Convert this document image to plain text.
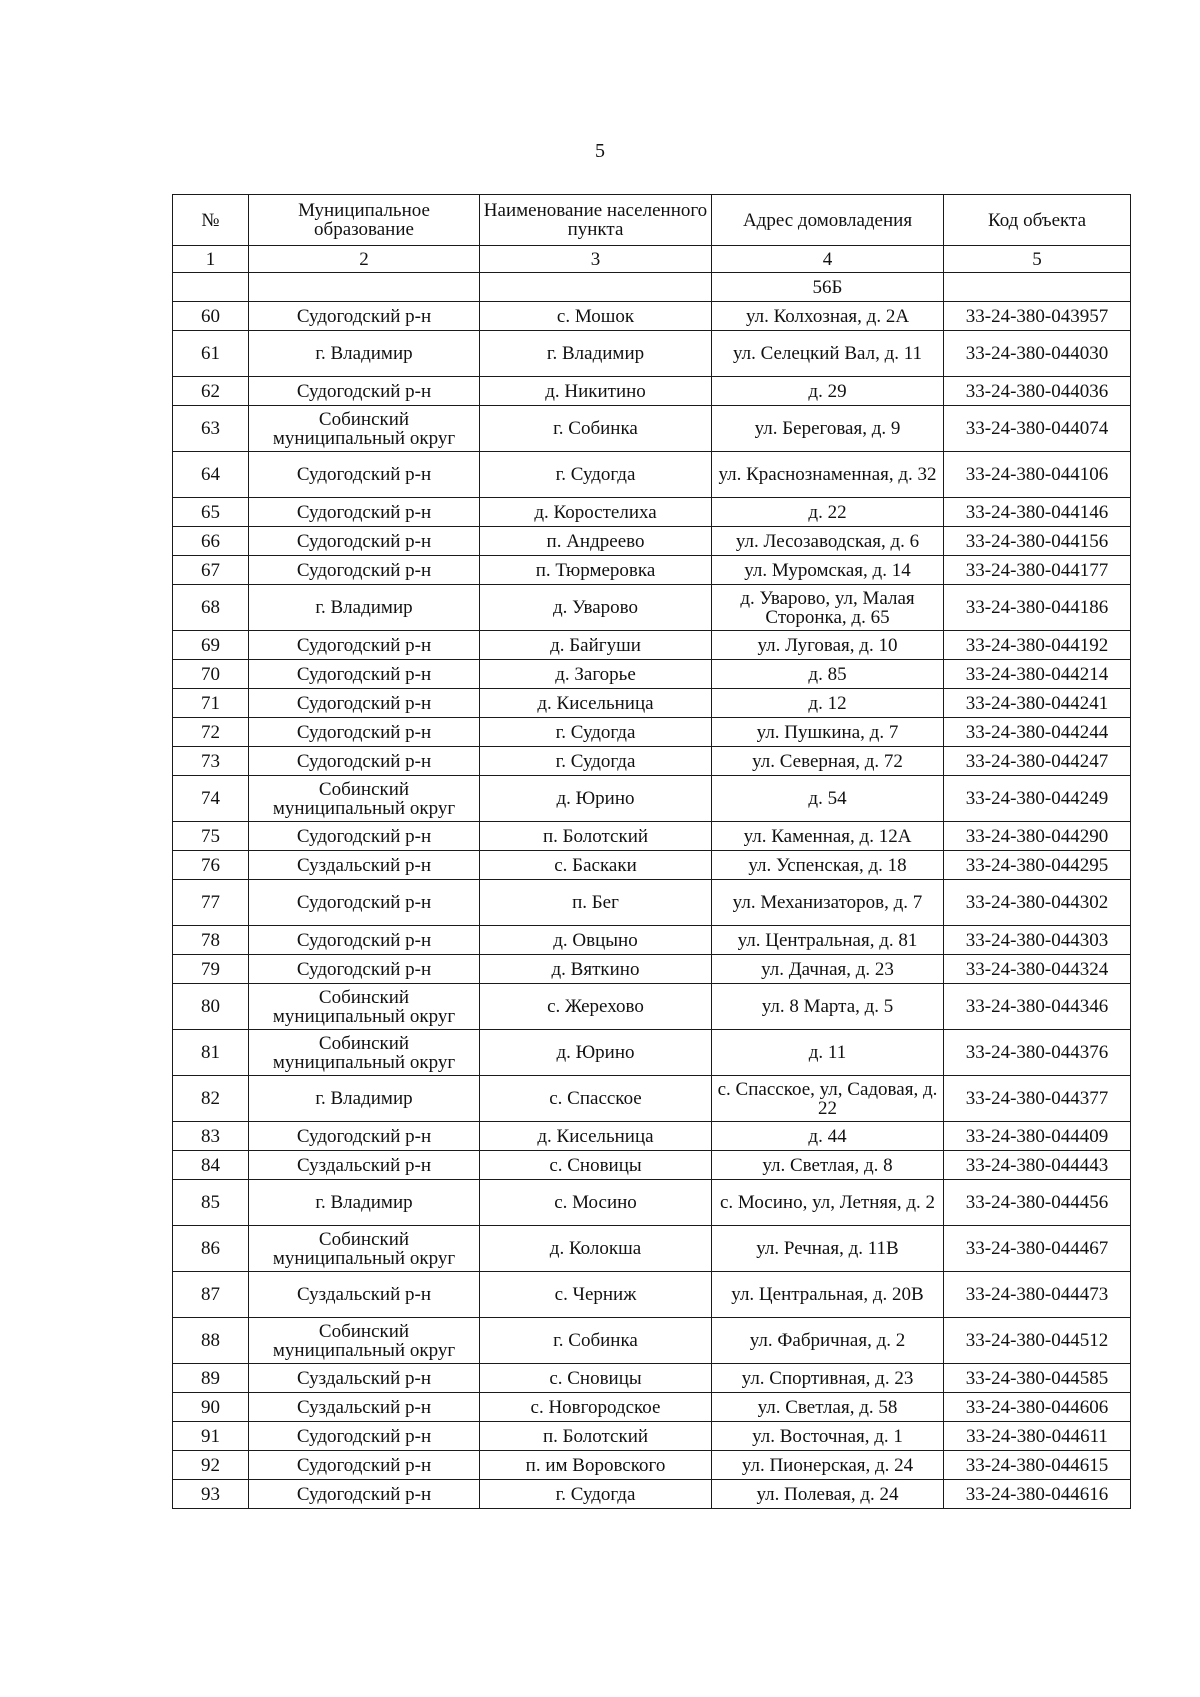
5
№	Муниципальное образование	Наименование населенного пункта	Адрес домовладения	Код объекта
1	2	3	4	5
			56Б	
60	Судогодский р-н	с. Мошок	ул. Колхозная, д. 2А	33-24-380-043957
61	г. Владимир	г. Владимир	ул. Селецкий Вал, д. 11	33-24-380-044030
62	Судогодский р-н	д. Никитино	д. 29	33-24-380-044036
63	Собинский муниципальный округ	г. Собинка	ул. Береговая, д. 9	33-24-380-044074
64	Судогодский р-н	г. Судогда	ул. Краснознаменная, д. 32	33-24-380-044106
65	Судогодский р-н	д. Коростелиха	д. 22	33-24-380-044146
66	Судогодский р-н	п. Андреево	ул. Лесозаводская, д. 6	33-24-380-044156
67	Судогодский р-н	п. Тюрмеровка	ул. Муромская, д. 14	33-24-380-044177
68	г. Владимир	д. Уварово	д. Уварово, ул, Малая Сторонка, д. 65	33-24-380-044186
69	Судогодский р-н	д. Байгуши	ул. Луговая, д. 10	33-24-380-044192
70	Судогодский р-н	д. Загорье	д. 85	33-24-380-044214
71	Судогодский р-н	д. Кисельница	д. 12	33-24-380-044241
72	Судогодский р-н	г. Судогда	ул. Пушкина, д. 7	33-24-380-044244
73	Судогодский р-н	г. Судогда	ул. Северная, д. 72	33-24-380-044247
74	Собинский муниципальный округ	д. Юрино	д. 54	33-24-380-044249
75	Судогодский р-н	п. Болотский	ул. Каменная, д. 12А	33-24-380-044290
76	Суздальский р-н	с. Баскаки	ул. Успенская, д. 18	33-24-380-044295
77	Судогодский р-н	п. Бег	ул. Механизаторов, д. 7	33-24-380-044302
78	Судогодский р-н	д. Овцыно	ул. Центральная, д. 81	33-24-380-044303
79	Судогодский р-н	д. Вяткино	ул. Дачная, д. 23	33-24-380-044324
80	Собинский муниципальный округ	с. Жерехово	ул. 8 Марта, д. 5	33-24-380-044346
81	Собинский муниципальный округ	д. Юрино	д. 11	33-24-380-044376
82	г. Владимир	с. Спасское	с. Спасское, ул, Садовая, д. 22	33-24-380-044377
83	Судогодский р-н	д. Кисельница	д. 44	33-24-380-044409
84	Суздальский р-н	с. Сновицы	ул. Светлая, д. 8	33-24-380-044443
85	г. Владимир	с. Мосино	с. Мосино, ул, Летняя, д. 2	33-24-380-044456
86	Собинский муниципальный округ	д. Колокша	ул. Речная, д. 11В	33-24-380-044467
87	Суздальский р-н	с. Черниж	ул. Центральная, д. 20В	33-24-380-044473
88	Собинский муниципальный округ	г. Собинка	ул. Фабричная, д. 2	33-24-380-044512
89	Суздальский р-н	с. Сновицы	ул. Спортивная, д. 23	33-24-380-044585
90	Суздальский р-н	с. Новгородское	ул. Светлая, д. 58	33-24-380-044606
91	Судогодский р-н	п. Болотский	ул. Восточная, д. 1	33-24-380-044611
92	Судогодский р-н	п. им Воровского	ул. Пионерская, д. 24	33-24-380-044615
93	Судогодский р-н	г. Судогда	ул. Полевая, д. 24	33-24-380-044616
